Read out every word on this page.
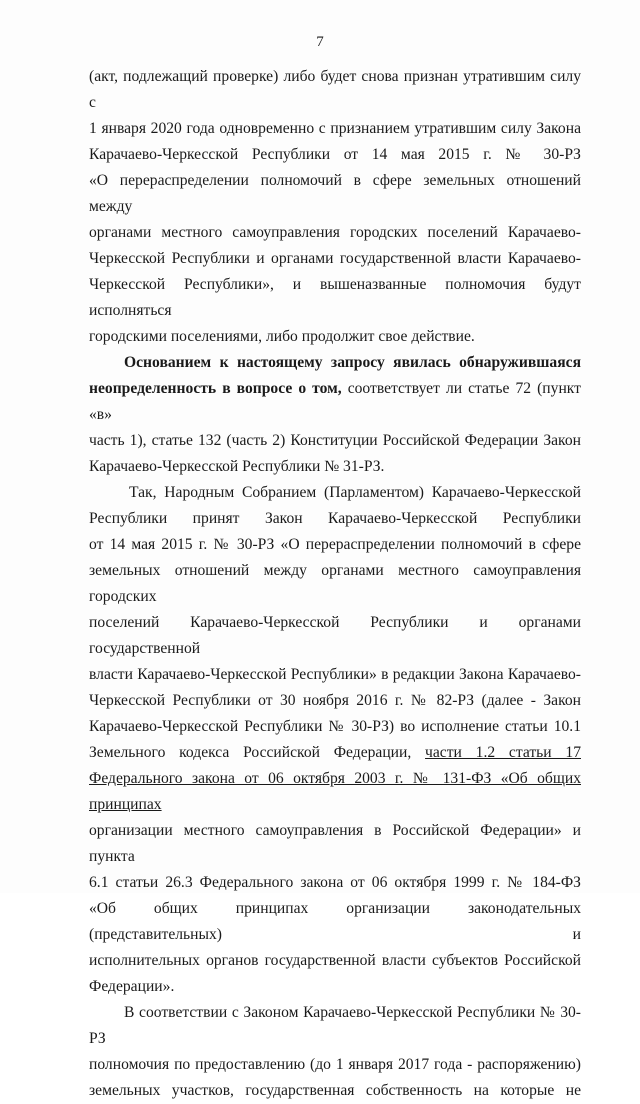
7
(акт, подлежащий проверке) либо будет снова признан утратившим силу с
1 января 2020 года одновременно с признанием утратившим силу Закона
Карачаево-Черкесской Республики от 14 мая 2015 г. № 30-РЗ
«О перераспределении полномочий в сфере земельных отношений между
органами местного самоуправления городских поселений Карачаево-
Черкесской Республики и органами государственной власти Карачаево-
Черкесской Республики», и вышеназванные полномочия будут исполняться
городскими поселениями, либо продолжит свое действие.
Основанием к настоящему запросу явилась обнаружившаяся
неопределенность в вопросе о том, соответствует ли статье 72 (пункт «в»
часть 1), статье 132 (часть 2) Конституции Российской Федерации Закон
Карачаево-Черкесской Республики № 31-РЗ.
Так, Народным Собранием (Парламентом) Карачаево-Черкесской
Республики принят Закон Карачаево-Черкесской Республики
от 14 мая 2015 г. № 30-РЗ «О перераспределении полномочий в сфере
земельных отношений между органами местного самоуправления городских
поселений Карачаево-Черкесской Республики и органами государственной
власти Карачаево-Черкесской Республики» в редакции Закона Карачаево-
Черкесской Республики от 30 ноября 2016 г. № 82-РЗ (далее - Закон
Карачаево-Черкесской Республики № 30-РЗ) во исполнение статьи 10.1
Земельного кодекса Российской Федерации, части 1.2 статьи 17
Федерального закона от 06 октября 2003 г. № 131-ФЗ «Об общих принципах
организации местного самоуправления в Российской Федерации» и пункта
6.1 статьи 26.3 Федерального закона от 06 октября 1999 г. № 184-ФЗ
«Об общих принципах организации законодательных (представительных) и
исполнительных органов государственной власти субъектов Российской
Федерации».
В соответствии с Законом Карачаево-Черкесской Республики № 30-РЗ
полномочия по предоставлению (до 1 января 2017 года - распоряжению)
земельных участков, государственная собственность на которые не
